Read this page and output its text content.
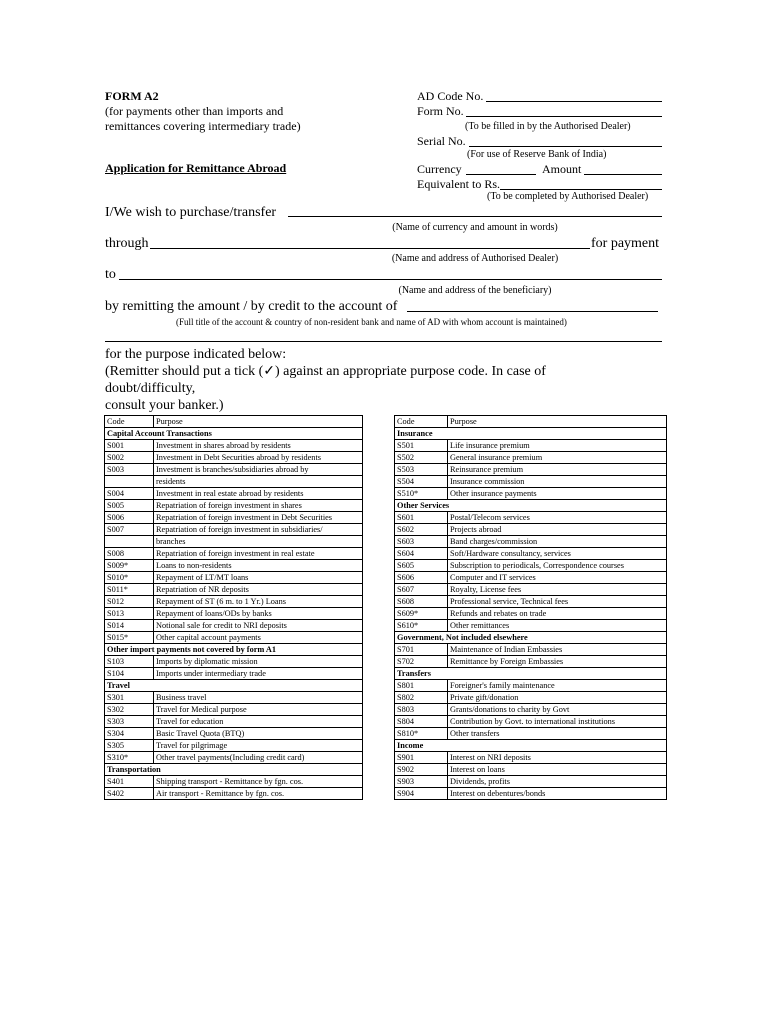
FORM A2
(for payments other than imports and
remittances covering intermediary trade)
Application for Remittance Abroad
AD Code No.
Form No.
(To be filled in by the Authorised Dealer)
Serial No.
(For use of Reserve Bank of India)
Currency	Amount
Equivalent to Rs.
(To be completed by Authorised Dealer)
I/We wish to purchase/transfer
(Name of currency and amount in words)
through	for payment
(Name and address of Authorised Dealer)
to
(Name and address of the beneficiary)
by remitting the amount / by credit to the account of
(Full title of the account & country of non-resident bank and name of AD with whom account is maintained)
for the purpose indicated below:
(Remitter should put a tick (✓) against an appropriate purpose code. In case of
doubt/difficulty,
consult your banker.)
Code	Purpose
Capital Account Transactions	
S001	Investment in shares abroad by residents
S002	Investment in Debt Securities abroad by residents
S003	Investment is branches/subsidiaries abroad by
	residents
S004	Investment in real estate abroad by residents
S005	Repatriation of foreign investment in shares
S006	Repatriation of foreign investment in Debt Securities
S007	Repatriation of foreign investment in subsidiaries/
	branches
S008	Repatriation of foreign investment in real estate
S009*	Loans to non-residents
S010*	Repayment of LT/MT loans
S011*	Repatriation of NR deposits
S012	Repayment of ST (6 m. to 1 Yr.) Loans
S013	Repayment of loans/ODs by banks
S014	Notional sale for credit to NRI deposits
S015*	Other capital account payments
Other import payments not covered by form A1	
S103	Imports by diplomatic mission
S104	Imports under intermediary trade
Travel	
S301	Business travel
S302	Travel for Medical purpose
S303	Travel for education
S304	Basic Travel Quota (BTQ)
S305	Travel for pilgrimage
S310*	Other travel payments(Including credit card)
Transportation	
S401	Shipping transport - Remittance by fgn. cos.
S402	Air transport - Remittance by fgn. cos.
Code	Purpose
Insurance	
S501	Life insurance premium
S502	General insurance premium
S503	Reinsurance premium
S504	Insurance commission
S510*	Other insurance payments
Other Services	
S601	Postal/Telecom services
S602	Projects abroad
S603	Band charges/commission
S604	Soft/Hardware consultancy, services
S605	Subscription to periodicals, Correspondence courses
S606	Computer and IT services
S607	Royalty, License fees
S608	Professional service, Technical fees
S609*	Refunds and rebates on trade
S610*	Other remittances
Government, Not included elsewhere	
S701	Maintenance of Indian Embassies
S702	Remittance by Foreign Embassies
Transfers	
S801	Foreigner's family maintenance
S802	Private gift/donation
S803	Grants/donations to charity by Govt
S804	Contribution by Govt. to international institutions
S810*	Other transfers
Income	
S901	Interest on NRI deposits
S902	Interest on loans
S903	Dividends, profits
S904	Interest on debentures/bonds
